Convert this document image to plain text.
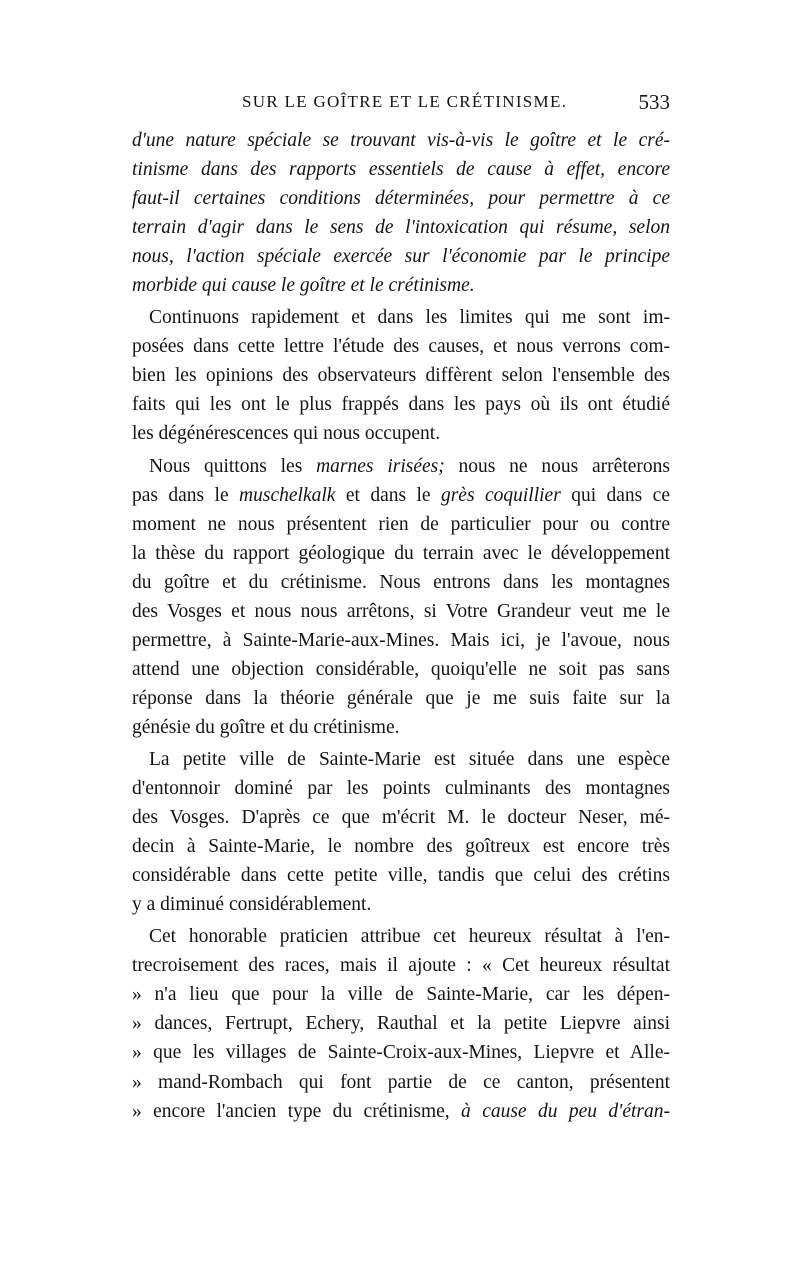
SUR LE GOÎTRE ET LE CRÉTINISME.	533
d'une nature spéciale se trouvant vis-à-vis le goître et le cré-
tinisme dans des rapports essentiels de cause à effet, encore
faut-il certaines conditions déterminées, pour permettre à ce
terrain d'agir dans le sens de l'intoxication qui résume, selon
nous, l'action spéciale exercée sur l'économie par le principe
morbide qui cause le goître et le crétinisme.
Continuons rapidement et dans les limites qui me sont im-
posées dans cette lettre l'étude des causes, et nous verrons com-
bien les opinions des observateurs diffèrent selon l'ensemble des
faits qui les ont le plus frappés dans les pays où ils ont étudié
les dégénérescences qui nous occupent.
Nous quittons les marnes irisées; nous ne nous arrêterons
pas dans le muschelkalk et dans le grès coquillier qui dans ce
moment ne nous présentent rien de particulier pour ou contre
la thèse du rapport géologique du terrain avec le développement
du goître et du crétinisme. Nous entrons dans les montagnes
des Vosges et nous nous arrêtons, si Votre Grandeur veut me le
permettre, à Sainte-Marie-aux-Mines. Mais ici, je l'avoue, nous
attend une objection considérable, quoiqu'elle ne soit pas sans
réponse dans la théorie générale que je me suis faite sur la
génésie du goître et du crétinisme.
La petite ville de Sainte-Marie est située dans une espèce
d'entonnoir dominé par les points culminants des montagnes
des Vosges. D'après ce que m'écrit M. le docteur Neser, mé-
decin à Sainte-Marie, le nombre des goîtreux est encore très
considérable dans cette petite ville, tandis que celui des crétins
y a diminué considérablement.
Cet honorable praticien attribue cet heureux résultat à l'en-
trecroisement des races, mais il ajoute : « Cet heureux résultat
» n'a lieu que pour la ville de Sainte-Marie, car les dépen-
» dances, Fertrupt, Echery, Rauthal et la petite Liepvre ainsi
» que les villages de Sainte-Croix-aux-Mines, Liepvre et Alle-
» mand-Rombach qui font partie de ce canton, présentent
» encore l'ancien type du crétinisme, à cause du peu d'étran-
